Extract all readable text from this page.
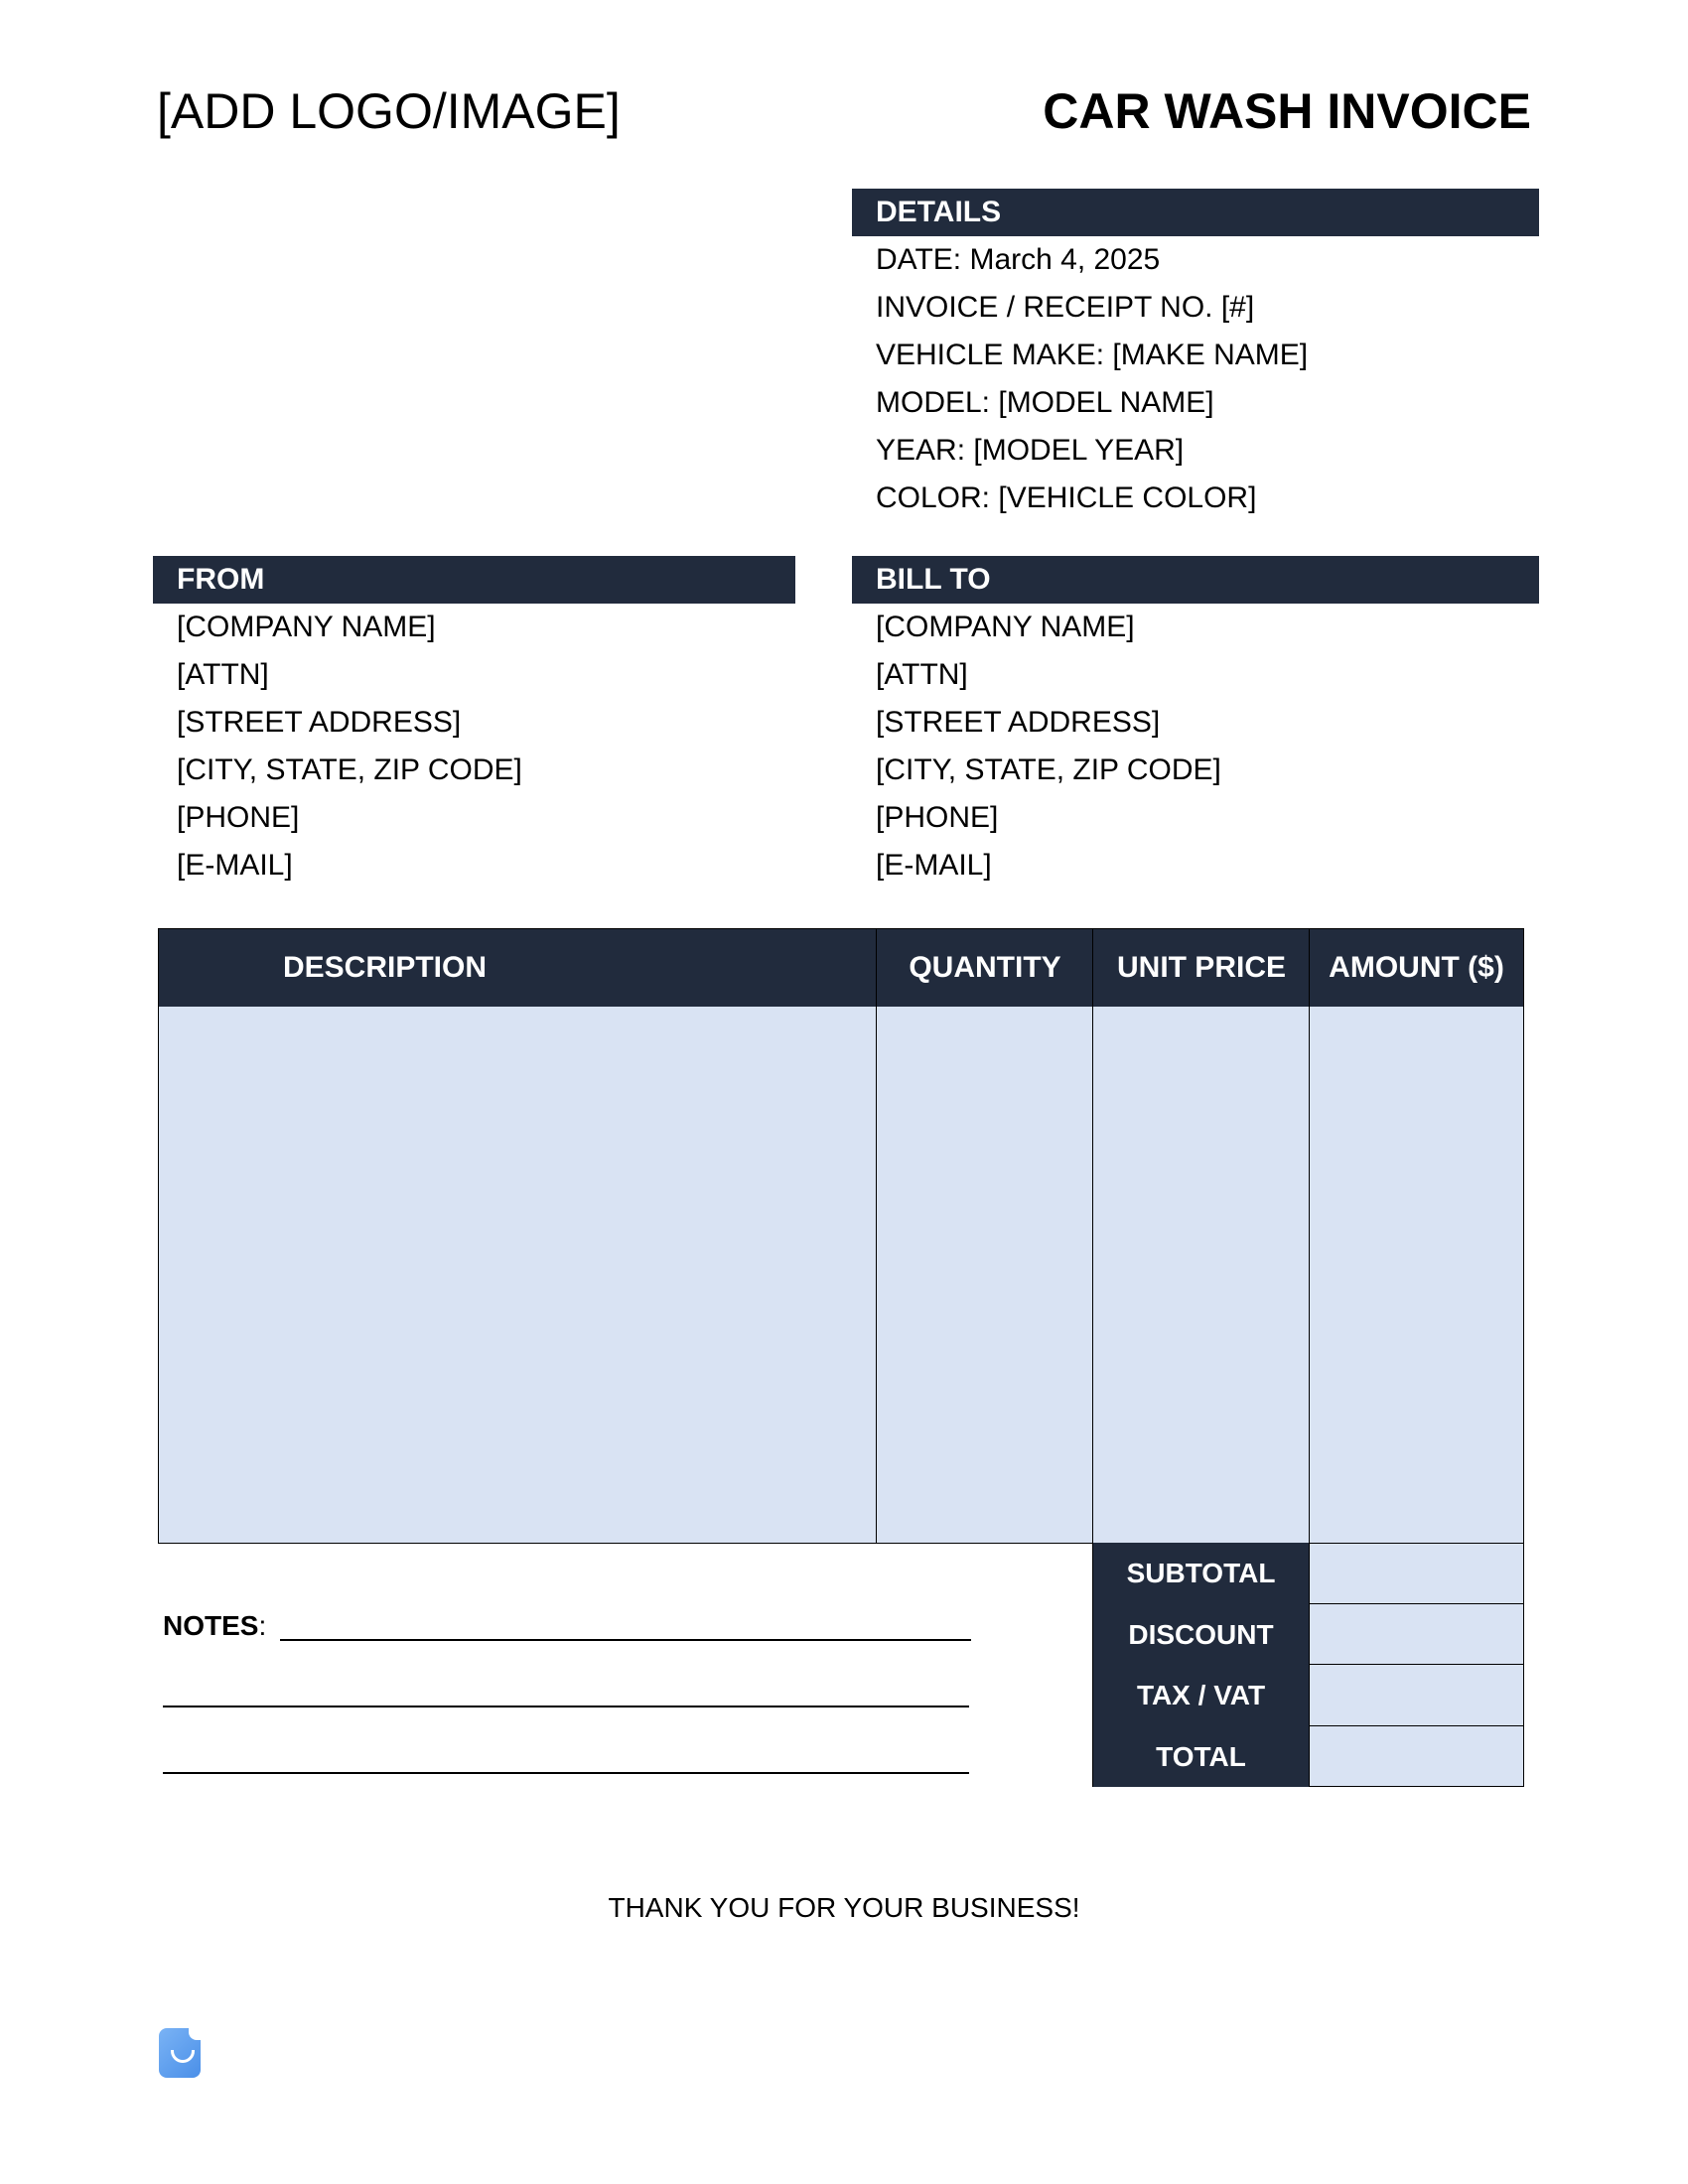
[ADD LOGO/IMAGE]	CAR WASH INVOICE
DETAILS
DATE: March 4, 2025
INVOICE / RECEIPT NO. [#]
VEHICLE MAKE: [MAKE NAME]
MODEL: [MODEL NAME]
YEAR: [MODEL YEAR]
COLOR: [VEHICLE COLOR]
FROM
[COMPANY NAME]
[ATTN]
[STREET ADDRESS]
[CITY, STATE, ZIP CODE]
[PHONE]
[E-MAIL]
BILL TO
[COMPANY NAME]
[ATTN]
[STREET ADDRESS]
[CITY, STATE, ZIP CODE]
[PHONE]
[E-MAIL]
DESCRIPTION	QUANTITY	UNIT PRICE	AMOUNT ($)
SUBTOTAL
DISCOUNT
TAX / VAT
TOTAL
NOTES:
THANK YOU FOR YOUR BUSINESS!
